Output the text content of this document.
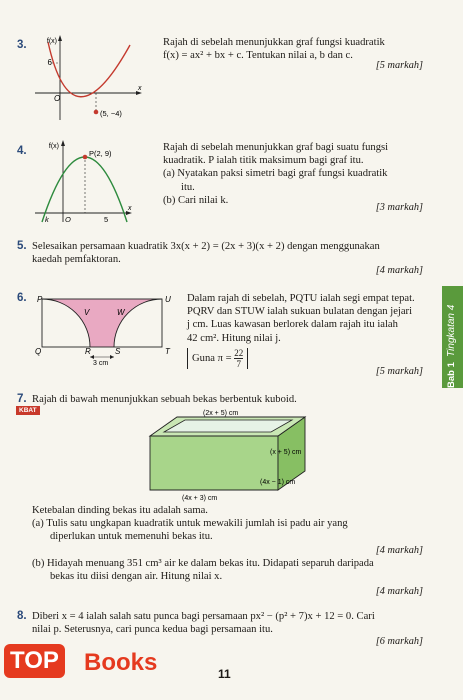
3.	f(x)
x
6
O
(5, −4)
Rajah di sebelah menunjukkan graf fungsi kuadratik
f(x) = ax² + bx + c. Tentukan nilai a, b dan c.
[5 markah]
4.	f(x)
x
P(2, 9)
k O	5
Rajah di sebelah menunjukkan graf bagi suatu fungsi
kuadratik. P ialah titik maksimum bagi graf itu.
(a) Nyatakan paksi simetri bagi graf fungsi kuadratik
itu.
(b) Cari nilai k.
[3 markah]
5. Selesaikan persamaan kuadratik 3x(x + 2) = (2x + 3)(x + 2) dengan menggunakan
kaedah pemfaktoran.
[4 markah]
6. P	U
Q	T
R	S
V	W
3 cm
Dalam rajah di sebelah, PQTU ialah segi empat tepat.
PQRV dan STUW ialah sukuan bulatan dengan jejari
j cm. Luas kawasan berlorek dalam rajah itu ialah
42 cm². Hitung nilai j.
Guna $\pi = \frac{22}{7}$
[5 markah]
7.
KBAT
Rajah di bawah menunjukkan sebuah bekas berbentuk kuboid.
(2x + 5) cm
(x + 5) cm
(4x − 1) cm
(4x + 3) cm
Ketebalan dinding bekas itu adalah sama.
(a) Tulis satu ungkapan kuadratik untuk mewakili jumlah isi padu air yang
diperlukan untuk memenuhi bekas itu.
[4 markah]
(b) Hidayah menuang 351 cm³ air ke dalam bekas itu. Didapati separuh daripada
bekas itu diisi dengan air. Hitung nilai x.
[4 markah]
8. Diberi x = 4 ialah salah satu punca bagi persamaan px² − (p² + 7)x + 12 = 0. Cari
nilai p. Seterusnya, cari punca kedua bagi persamaan itu.
[6 markah]
Bab 1  Tingkatan 4
TOP Books	11
